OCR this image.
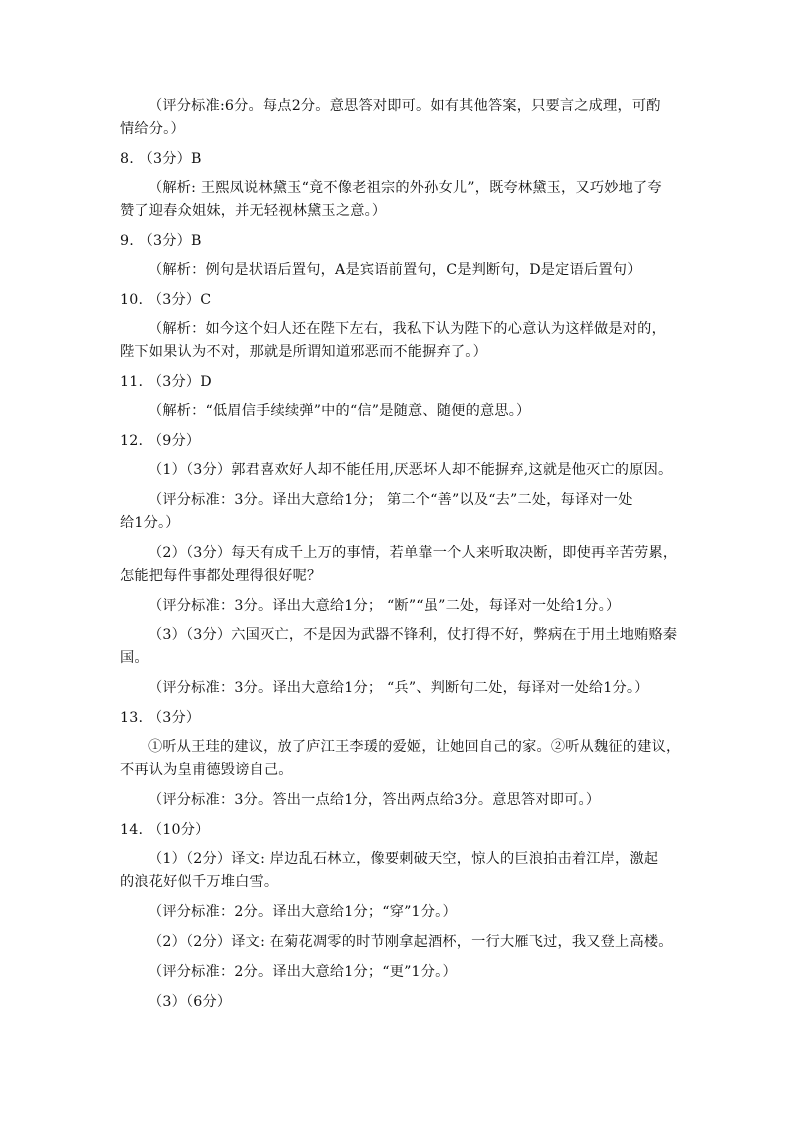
（评分标准:6分。每点2分。意思答对即可。如有其他答案，只要言之成理，可酌
情给分。）
8. （3分）B
（解析: 王熙凤说林黛玉“竟不像老祖宗的外孙女儿”，既夸林黛玉，又巧妙地了夸
赞了迎春众姐妹，并无轻视林黛玉之意。）
9. （3分）B
（解析：例句是状语后置句，A是宾语前置句，C是判断句，D是定语后置句）
10. （3分）C
（解析：如今这个妇人还在陛下左右，我私下认为陛下的心意认为这样做是对的，
陛下如果认为不对，那就是所谓知道邪恶而不能摒弃了。）
11. （3分）D
（解析：“低眉信手续续弹”中的“信”是随意、随便的意思。）
12. （9分）
（1）（3分）郭君喜欢好人却不能任用,厌恶坏人却不能摒弃,这就是他灭亡的原因。
（评分标准：3分。译出大意给1分； 第二个“善”以及“去”二处，每译对一处
给1分。）
（2）（3分）每天有成千上万的事情，若单靠一个人来听取决断，即使再辛苦劳累，
怎能把每件事都处理得很好呢？
（评分标准：3分。译出大意给1分； “断”“虽”二处，每译对一处给1分。）
（3）（3分）六国灭亡，不是因为武器不锋利，仗打得不好，弊病在于用土地贿赂秦
国。
（评分标准：3分。译出大意给1分； “兵”、判断句二处，每译对一处给1分。）
13. （3分）
①听从王珪的建议，放了庐江王李瑗的爱姬，让她回自己的家。②听从魏征的建议，
不再认为皇甫德毁谤自己。
（评分标准：3分。答出一点给1分，答出两点给3分。意思答对即可。）
14. （10分）
（1）（2分）译文: 岸边乱石林立，像要刺破天空，惊人的巨浪拍击着江岸，激起
的浪花好似千万堆白雪。
（评分标准：2分。译出大意给1分；“穿”1分。）
（2）（2分）译文: 在菊花凋零的时节刚拿起酒杯，一行大雁飞过，我又登上高楼。
（评分标准：2分。译出大意给1分；“更”1分。）
（3）（6分）
